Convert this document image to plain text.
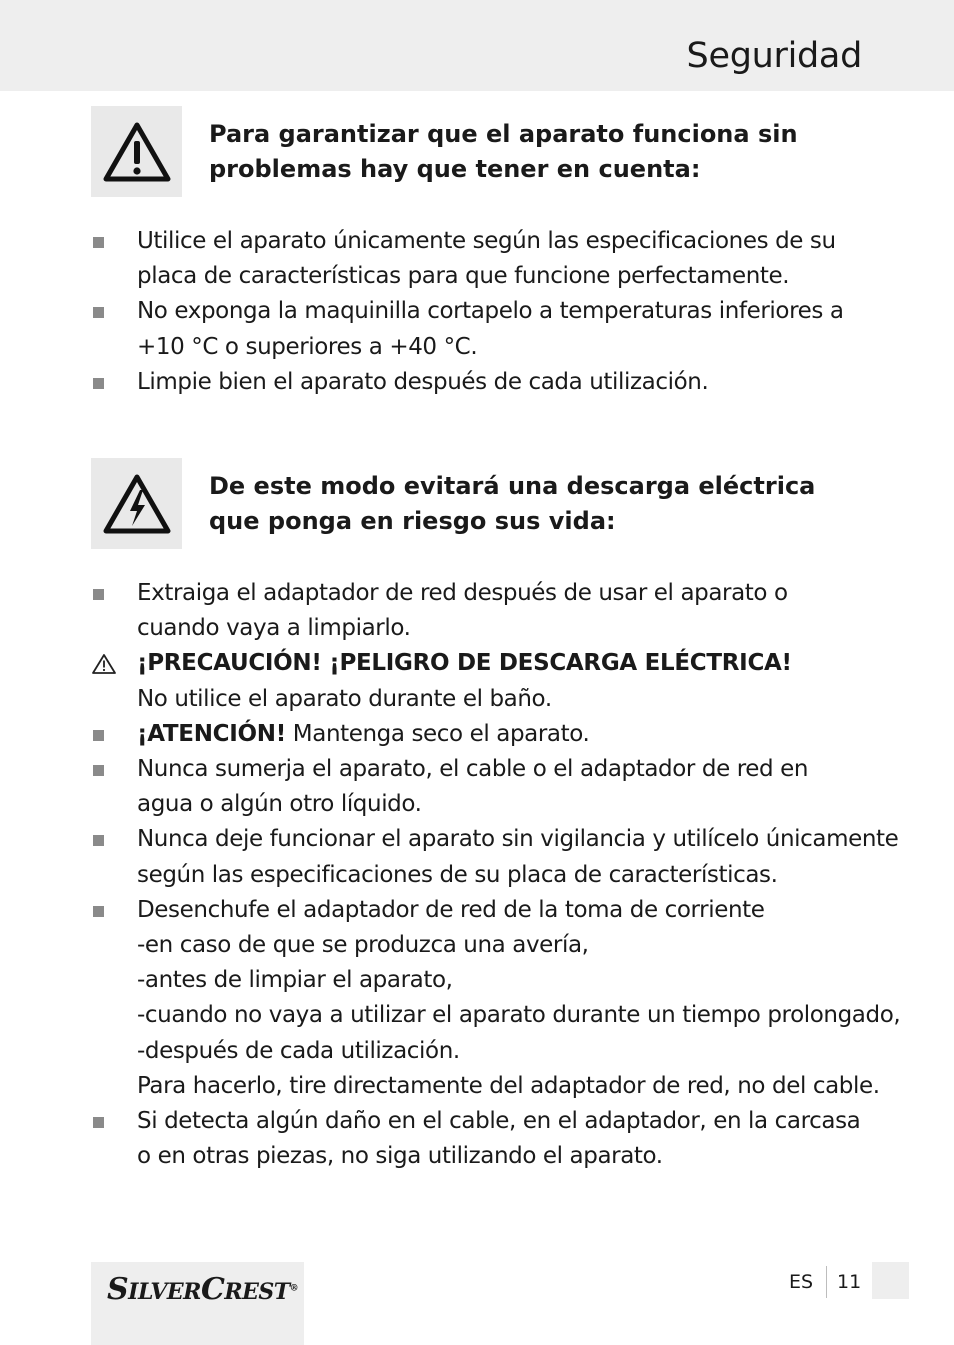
Seguridad
Para garantizar que el aparato funciona sin
problemas hay que tener en cuenta:
Utilice el aparato únicamente según las especificaciones de su
placa de características para que funcione perfectamente.
No exponga la maquinilla cortapelo a temperaturas inferiores a
+10 °C o superiores a +40 °C.
Limpie bien el aparato después de cada utilización.
De este modo evitará una descarga eléctrica
que ponga en riesgo sus vida:
Extraiga el adaptador de red después de usar el aparato o
cuando vaya a limpiarlo.
¡PRECAUCIÓN! ¡PELIGRO DE DESCARGA ELÉCTRICA!
No utilice el aparato durante el baño.
¡ATENCIÓN! Mantenga seco el aparato.
Nunca sumerja el aparato, el cable o el adaptador de red en
agua o algún otro líquido.
Nunca deje funcionar el aparato sin vigilancia y utilícelo únicamente
según las especificaciones de su placa de características.
Desenchufe el adaptador de red de la toma de corriente
-en caso de que se produzca una avería,
-antes de limpiar el aparato,
-cuando no vaya a utilizar el aparato durante un tiempo prolongado,
-después de cada utilización.
Para hacerlo, tire directamente del adaptador de red, no del cable.
Si detecta algún daño en el cable, en el adaptador, en la carcasa
o en otras piezas, no siga utilizando el aparato.
SILVERCREST®	ES 11
